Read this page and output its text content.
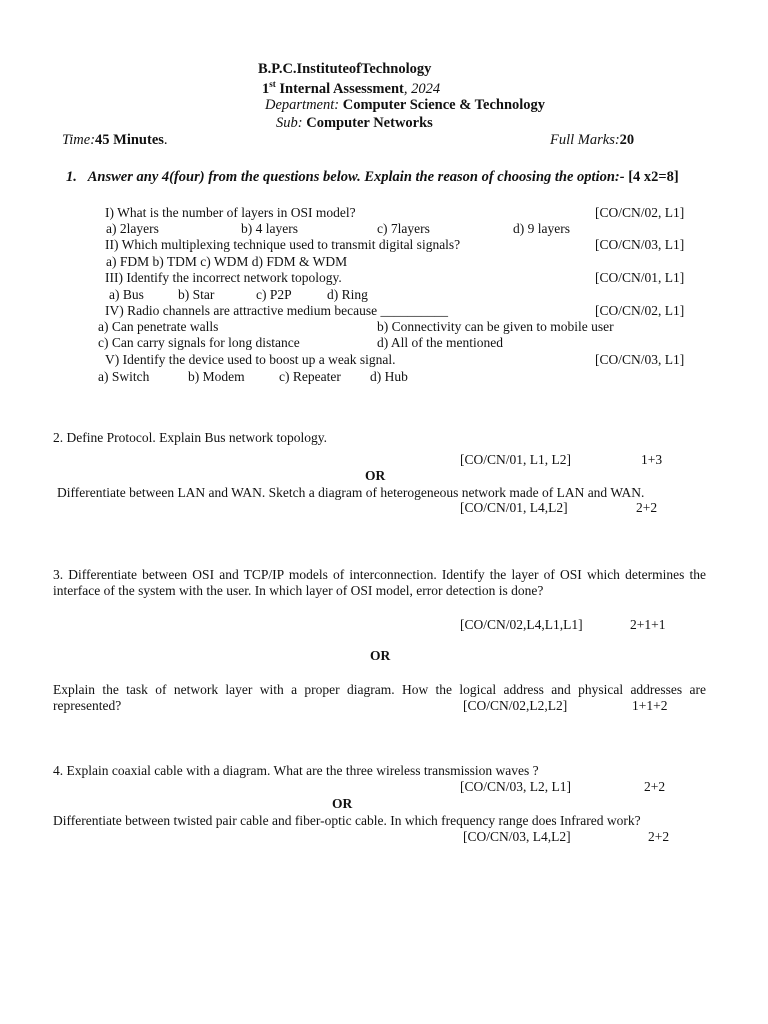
B.P.C.InstituteofTechnology
1st Internal Assessment, 2024
Department: Computer Science & Technology
Sub: Computer Networks
Time:45 Minutes.	Full Marks:20
1. Answer any 4(four) from the questions below. Explain the reason of choosing the option:- [4 x2=8]
I) What is the number of layers in OSI model?	[CO/CN/02, L1]
a) 2layers	b) 4 layers	c) 7layers	d) 9 layers
II) Which multiplexing technique used to transmit digital signals?	[CO/CN/03, L1]
a) FDM b) TDM c) WDM d) FDM & WDM
III) Identify the incorrect network topology.	[CO/CN/01, L1]
a) Bus	b) Star	c) P2P	d) Ring
IV) Radio channels are attractive medium because __________	[CO/CN/02, L1]
a) Can penetrate walls	b) Connectivity can be given to mobile user
c) Can carry signals for long distance	d) All of the mentioned
V) Identify the device used to boost up a weak signal.	[CO/CN/03, L1]
a) Switch	b) Modem	c) Repeater d) Hub
2. Define Protocol. Explain Bus network topology.
[CO/CN/01, L1, L2]	1+3
OR
Differentiate between LAN and WAN. Sketch a diagram of heterogeneous network made of LAN and WAN.
[CO/CN/01, L4,L2]	2+2
3. Differentiate between OSI and TCP/IP models of interconnection. Identify the layer of OSI which determines the
interface of the system with the user. In which layer of OSI model, error detection is done?
[CO/CN/02,L4,L1,L1]	2+1+1
OR
Explain the task of network layer with a proper diagram. How the logical address and physical addresses are
represented?	[CO/CN/02,L2,L2]	1+1+2
4. Explain coaxial cable with a diagram. What are the three wireless transmission waves ?
[CO/CN/03, L2, L1]	2+2
OR
Differentiate between twisted pair cable and fiber-optic cable. In which frequency range does Infrared work?
[CO/CN/03, L4,L2]	2+2
